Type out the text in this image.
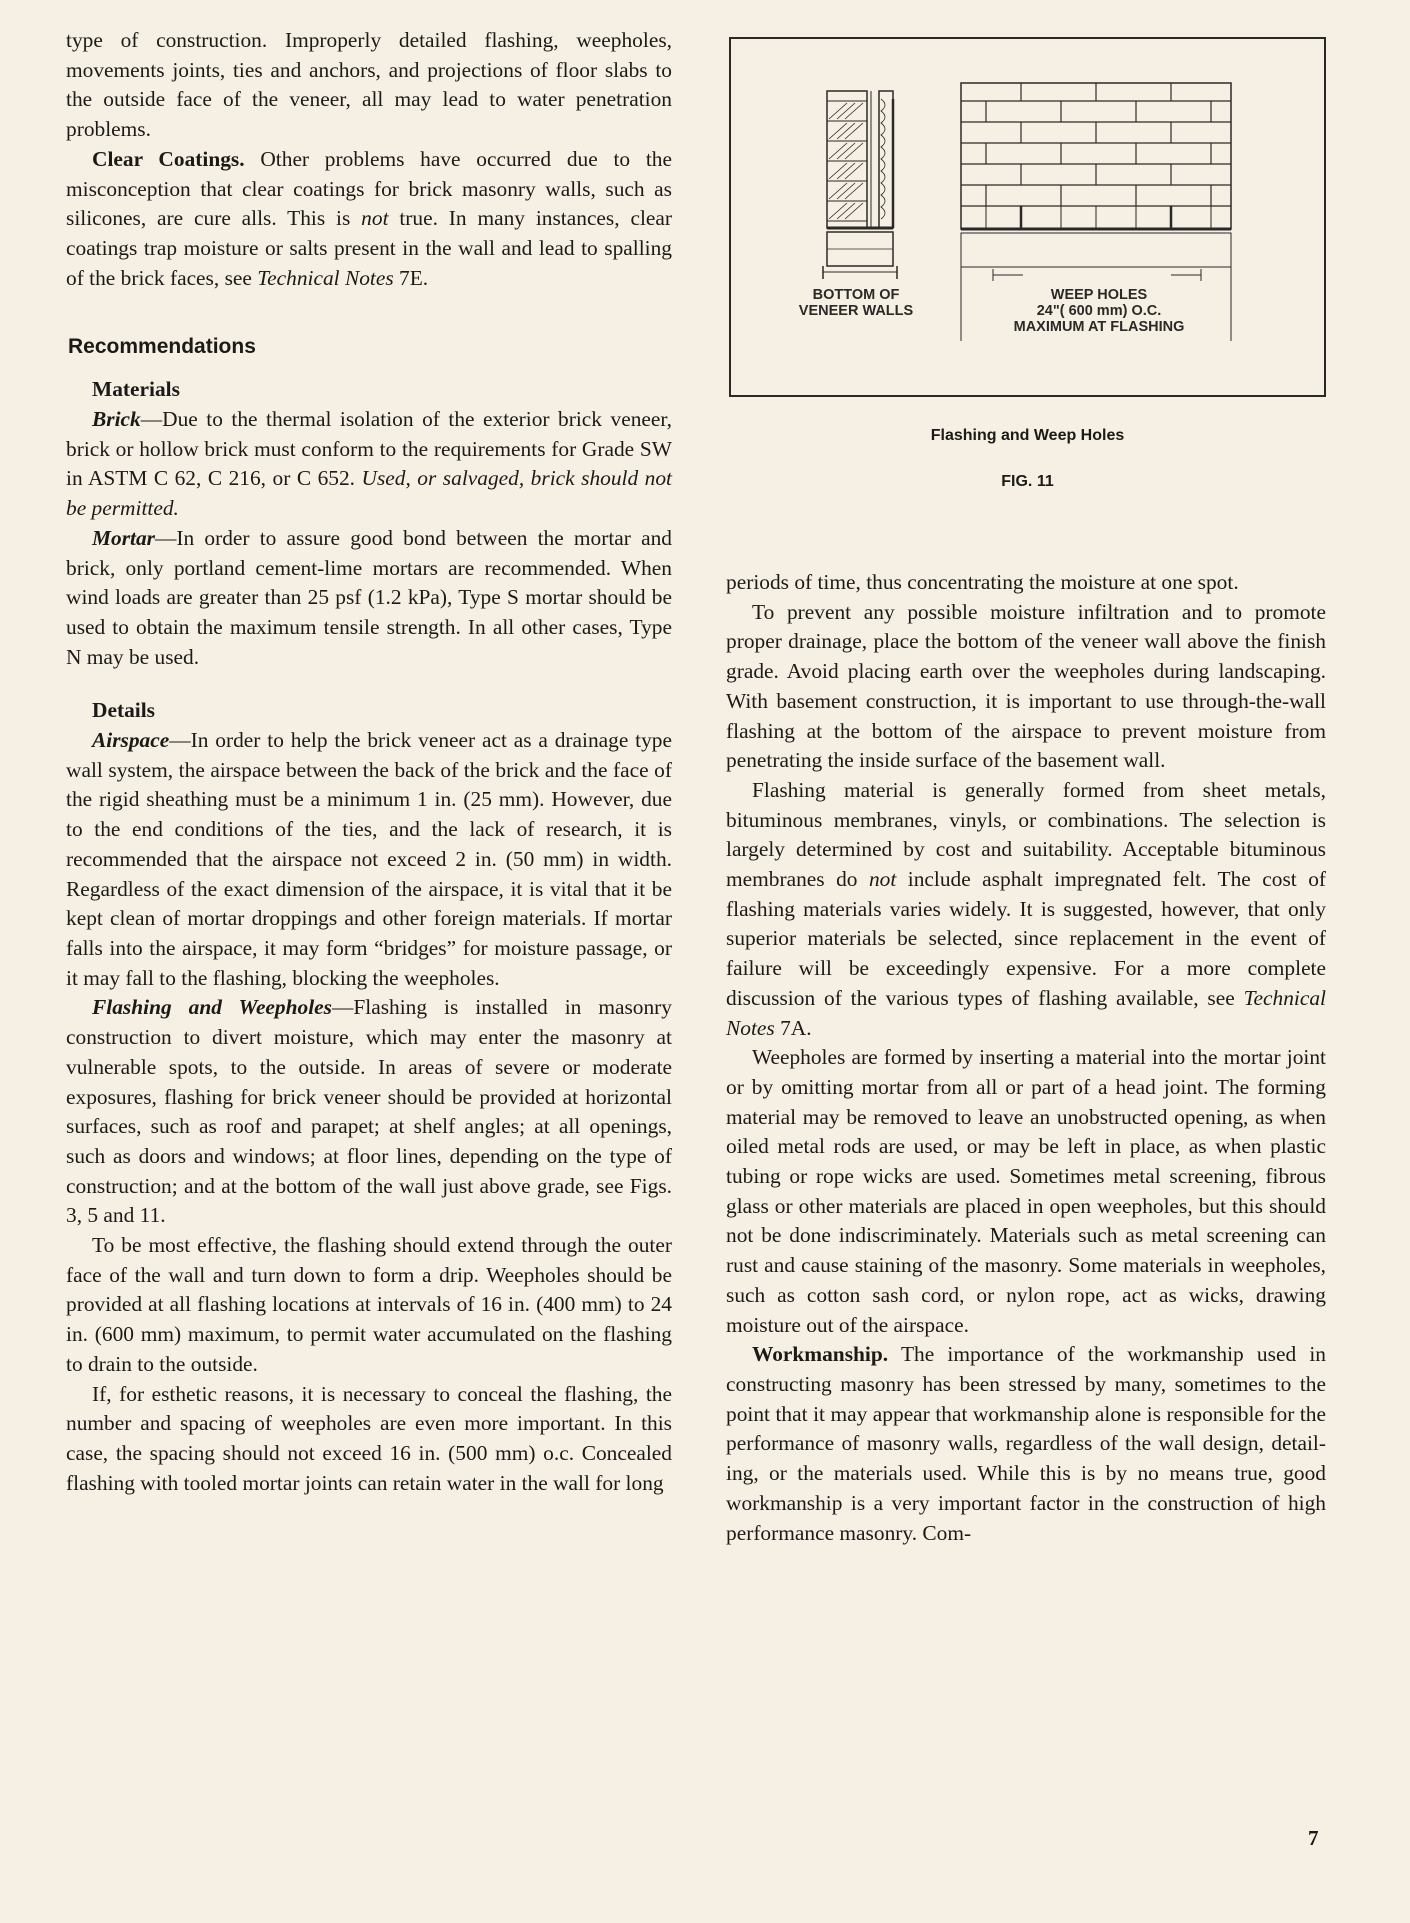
type of construction. Improperly detailed flashing, weepholes, movements joints, ties and anchors, and projections of floor slabs to the outside face of the veneer, all may lead to water penetration problems.

Clear Coatings. Other problems have occurred due to the misconception that clear coatings for brick masonry walls, such as silicones, are cure alls. This is not true. In many instances, clear coatings trap moisture or salts present in the wall and lead to spalling of the brick faces, see Technical Notes 7E.

Recommendations
Materials

Brick—Due to the thermal isolation of the exterior brick veneer, brick or hollow brick must conform to the requirements for Grade SW in ASTM C 62, C 216, or C 652. Used, or salvaged, brick should not be permitted.

Mortar—In order to assure good bond between the mortar and brick, only portland cement-lime mortars are recommended. When wind loads are greater than 25 psf (1.2 kPa), Type S mortar should be used to obtain the maximum tensile strength. In all other cases, Type N may be used.

Details

Airspace—In order to help the brick veneer act as a drainage type wall system, the airspace between the back of the brick and the face of the rigid sheathing must be a minimum 1 in. (25 mm). However, due to the end conditions of the ties, and the lack of research, it is recommended that the airspace not exceed 2 in. (50 mm) in width. Regardless of the exact dimension of the airspace, it is vital that it be kept clean of mortar droppings and other foreign materials. If mortar falls into the airspace, it may form “bridges” for moisture passage, or it may fall to the flashing, blocking the weepholes.

Flashing and Weepholes—Flashing is installed in masonry construction to divert moisture, which may enter the masonry at vulnerable spots, to the outside. In areas of severe or moderate exposures, flashing for brick veneer should be provided at horizontal surfaces, such as roof and parapet; at shelf angles; at all openings, such as doors and windows; at floor lines, depending on the type of construction; and at the bottom of the wall just above grade, see Figs. 3, 5 and 11.

To be most effective, the flashing should extend through the outer face of the wall and turn down to form a drip. Weepholes should be provided at all flashing locations at intervals of 16 in. (400 mm) to 24 in. (600 mm) maximum, to permit water accumulated on the flashing to drain to the outside.

If, for esthetic reasons, it is necessary to conceal the flashing, the number and spacing of weepholes are even more important. In this case, the spacing should not exceed 16 in. (500 mm) o.c. Concealed flashing with tooled mortar joints can retain water in the wall for long

BOTTOM OF
VENEER WALLS
WEEP HOLES
24"( 600 mm) O.C.
MAXIMUM AT FLASHING
Flashing and Weep Holes
FIG. 11

periods of time, thus concentrating the moisture at one spot.

To prevent any possible moisture infiltration and to promote proper drainage, place the bottom of the veneer wall above the finish grade. Avoid placing earth over the weepholes during landscaping. With basement construction, it is important to use through-the-wall flashing at the bottom of the airspace to prevent moisture from penetrating the inside surface of the basement wall.

Flashing material is generally formed from sheet metals, bituminous membranes, vinyls, or combinations. The selection is largely determined by cost and suitability. Acceptable bituminous membranes do not include asphalt impregnated felt. The cost of flashing materials varies widely. It is suggested, however, that only superior materials be selected, since replacement in the event of failure will be exceedingly expensive. For a more complete discussion of the various types of flashing available, see Technical Notes 7A.

Weepholes are formed by inserting a material into the mortar joint or by omitting mortar from all or part of a head joint. The forming material may be removed to leave an unobstructed opening, as when oiled metal rods are used, or may be left in place, as when plastic tubing or rope wicks are used. Sometimes metal screening, fibrous glass or other materials are placed in open weepholes, but this should not be done indiscriminately. Materials such as metal screening can rust and cause staining of the masonry. Some materials in weepholes, such as cotton sash cord, or nylon rope, act as wicks, drawing moisture out of the airspace.

Workmanship. The importance of the workmanship used in constructing masonry has been stressed by many, sometimes to the point that it may appear that workmanship alone is responsible for the performance of masonry walls, regardless of the wall design, detailing, or the materials used. While this is by no means true, good workmanship is a very important factor in the construction of high performance masonry. Com-

7
